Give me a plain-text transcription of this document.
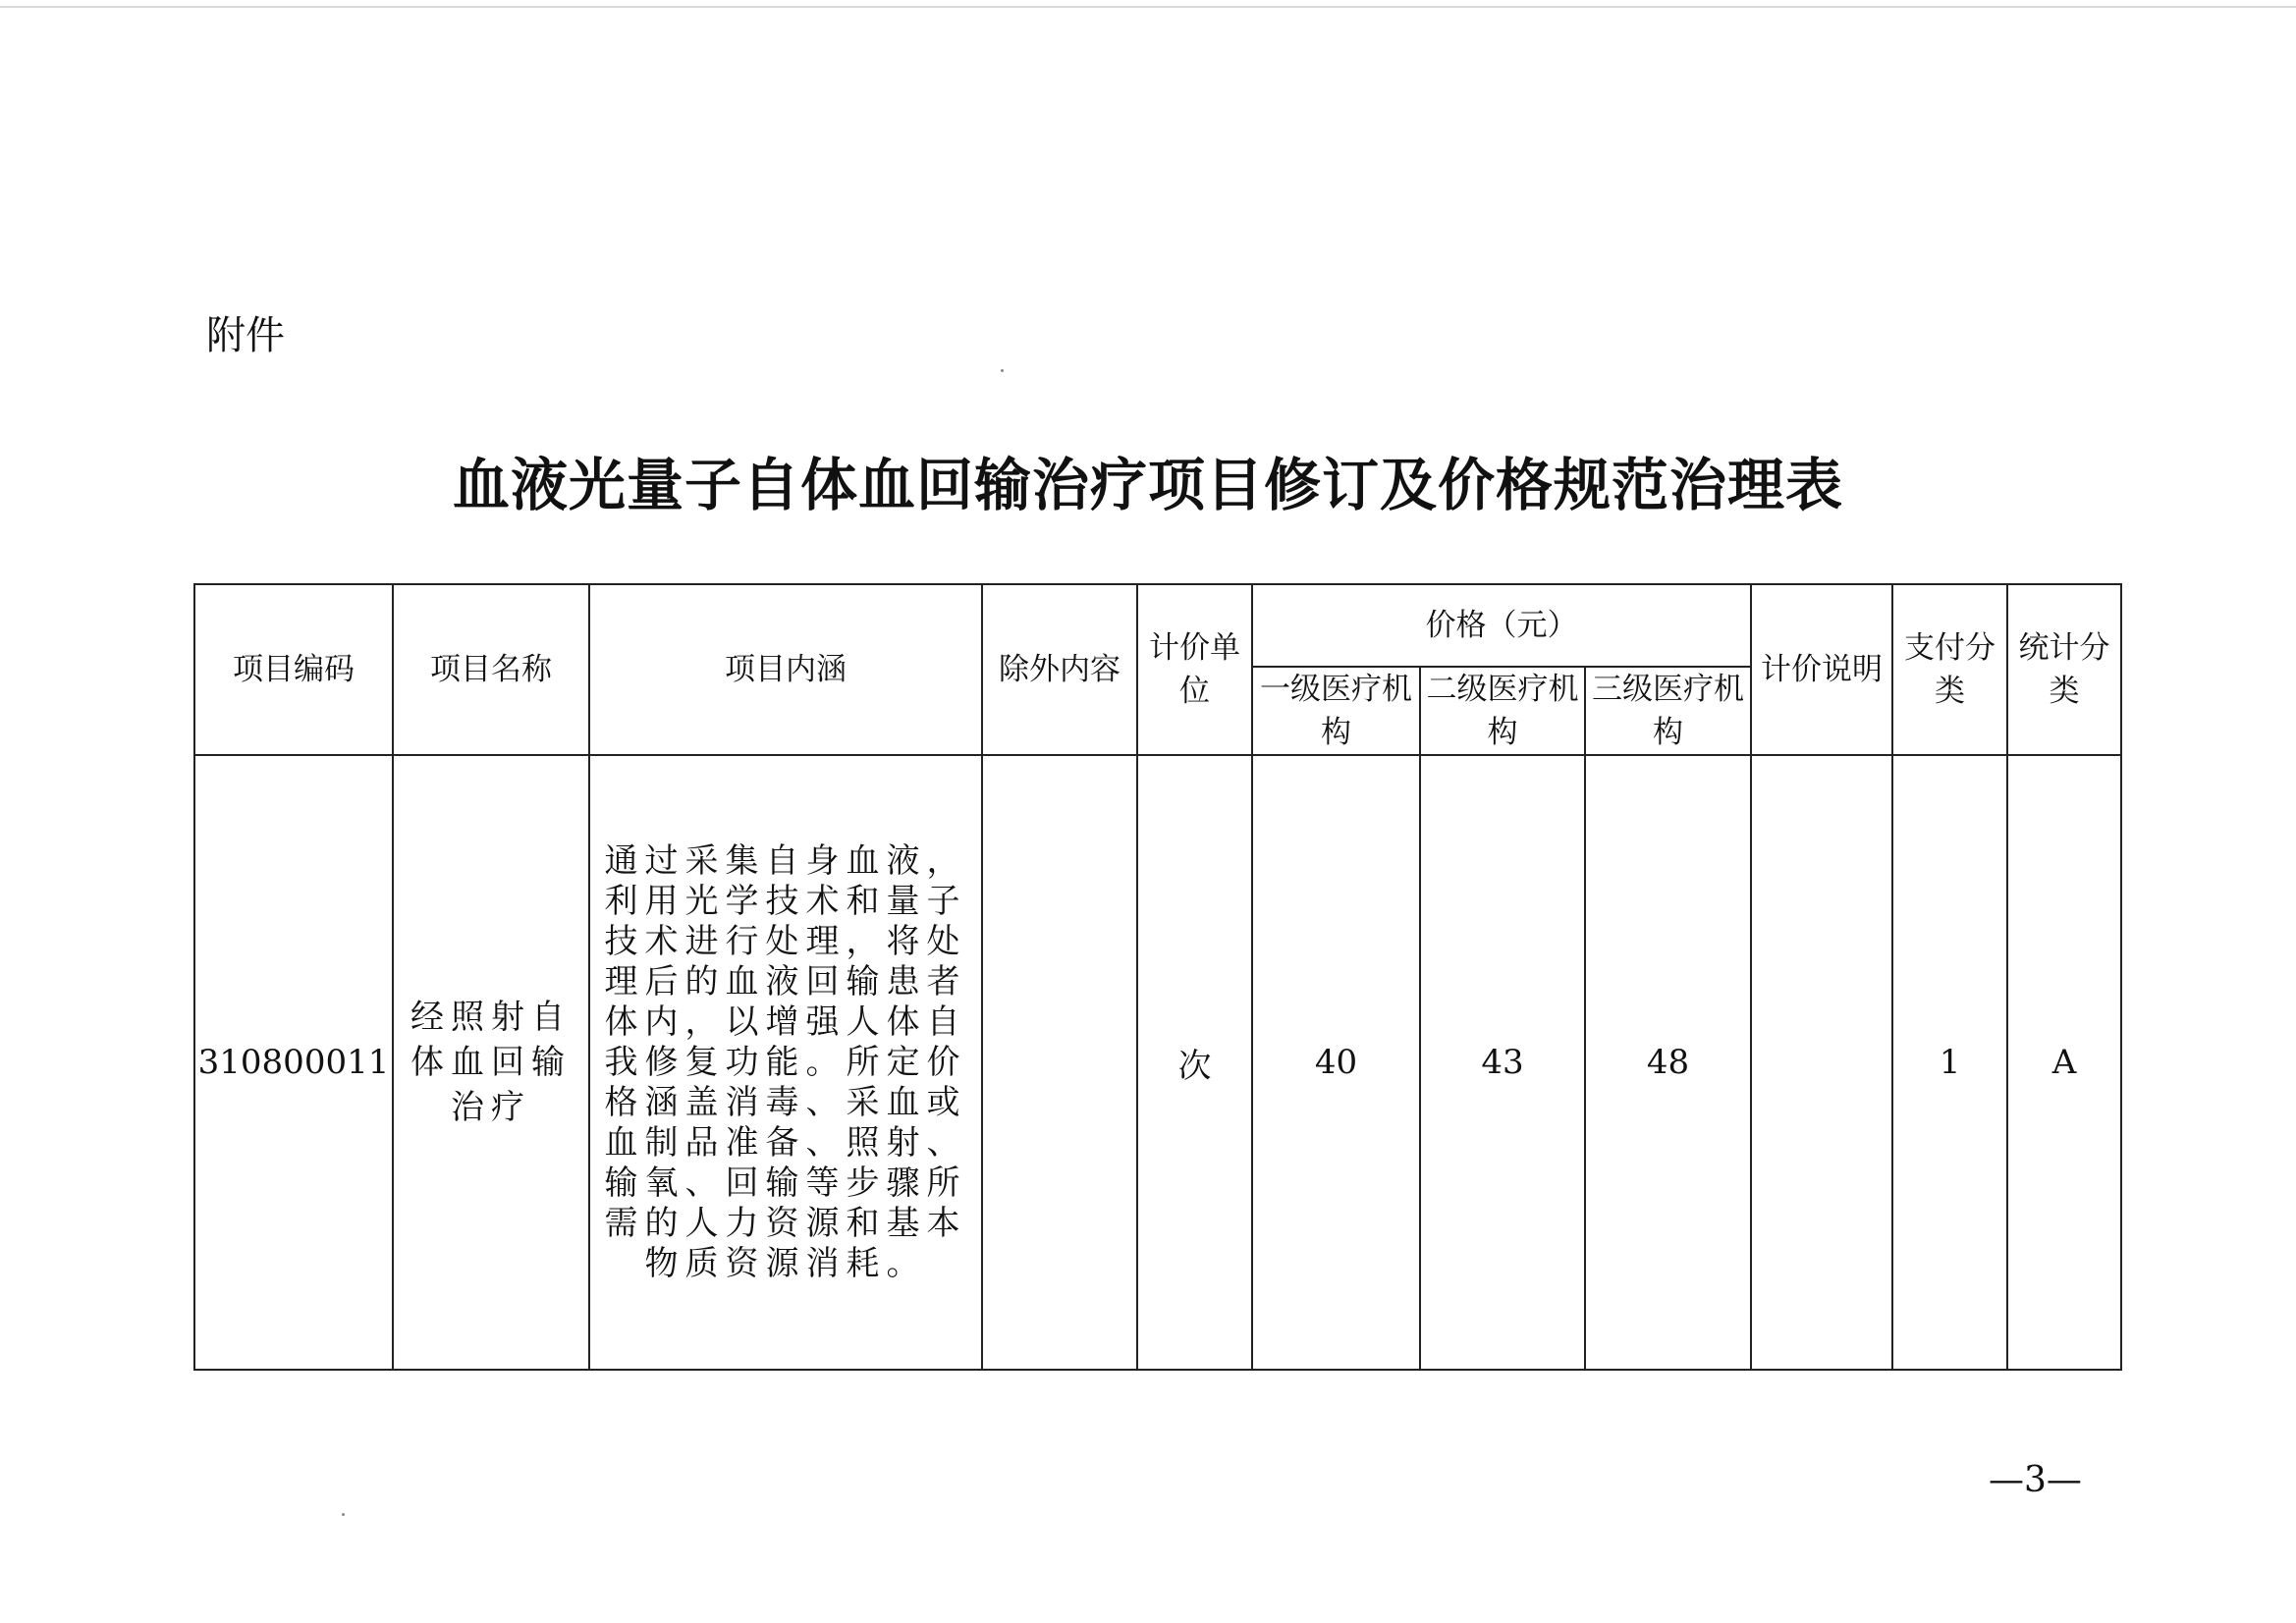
附件
血液光量子自体血回输治疗项目修订及价格规范治理表
项目编码	项目名称	项目内涵	除外内容	计价单位	价格（元）			计价说明	支付分类	统计分类
					一级医疗机构	二级医疗机构	三级医疗机构			
310800011	经照射自体血回输治疗	通过采集自身血液，利用光学技术和量子技术进行处理，将处理后的血液回输患者体内，以增强人体自我修复功能。所定价格涵盖消毒、采血或血制品准备、照射、输氧、回输等步骤所需的人力资源和基本物质资源消耗。		次	40	43	48		1	A
—3—
